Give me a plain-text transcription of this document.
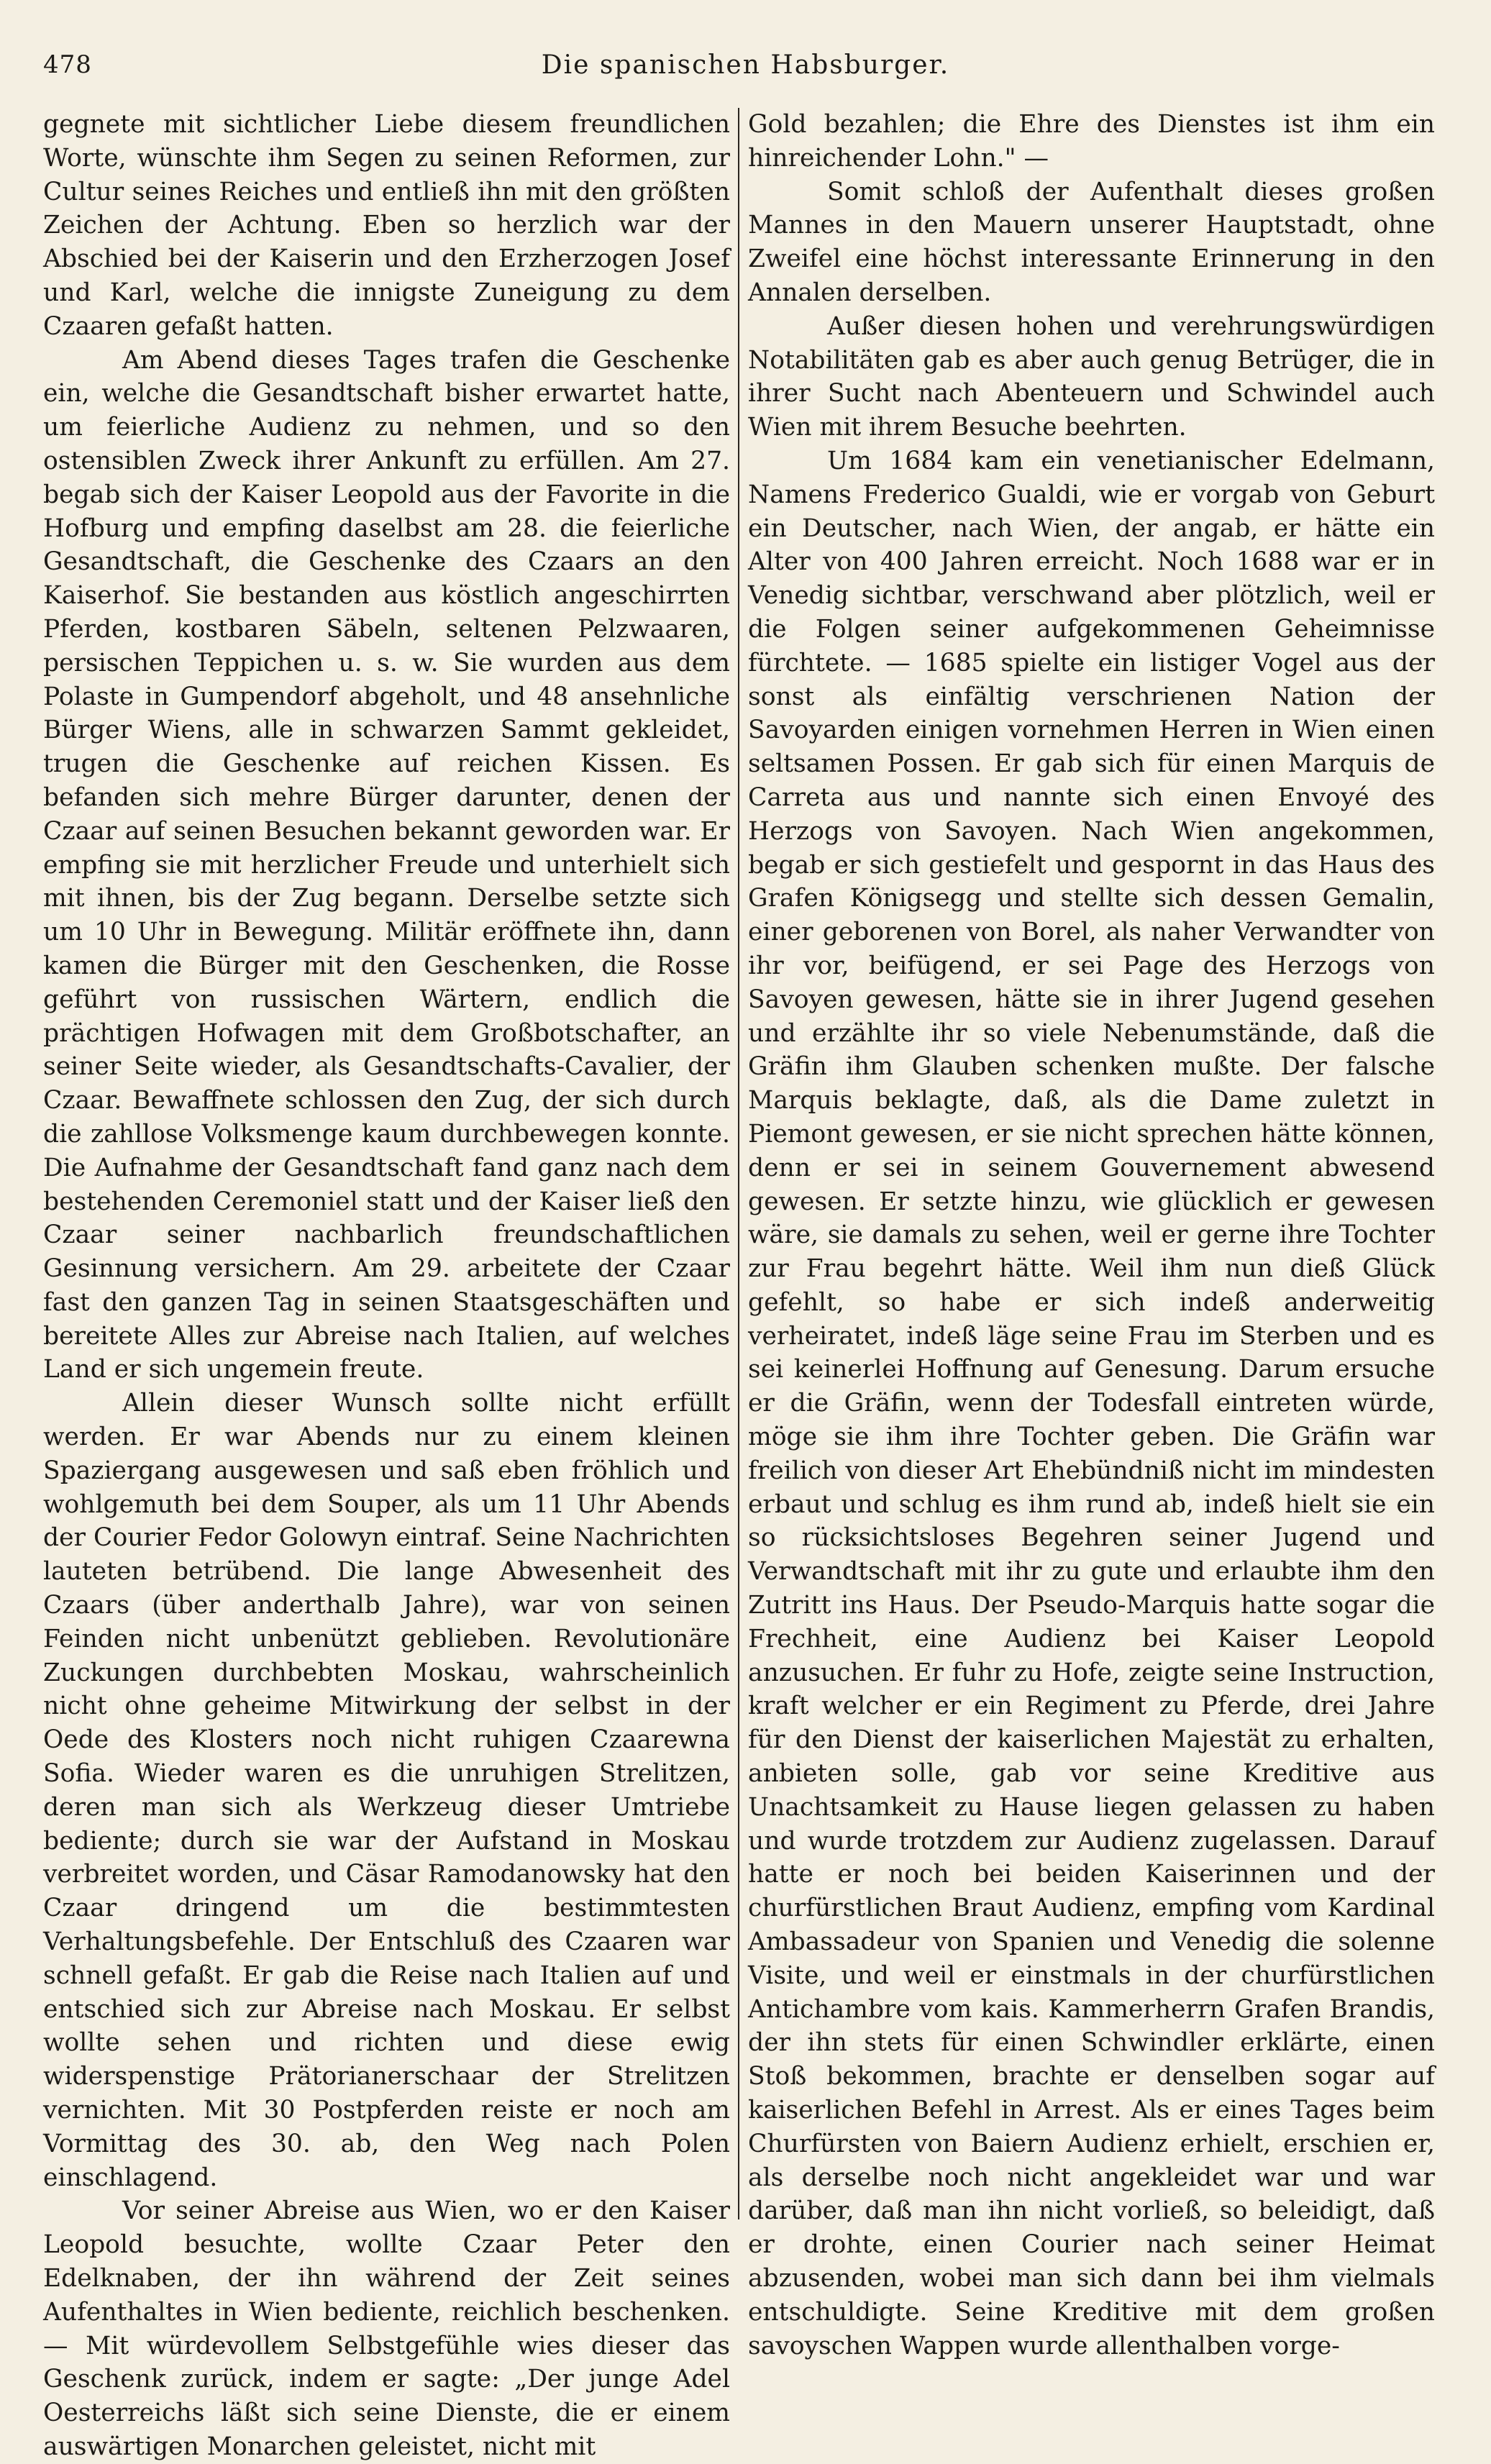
478	Die spanischen Habsburger.

gegnete mit sichtlicher Liebe diesem freundlichen Worte, wünschte ihm Segen zu seinen Reformen, zur Cultur seines Reiches und entließ ihn mit den größten Zeichen der Achtung. Eben so herzlich war der Abschied bei der Kaiserin und den Erzherzogen Josef und Karl, welche die innigste Zuneigung zu dem Czaaren gefaßt hatten.

Am Abend dieses Tages trafen die Geschenke ein, welche die Gesandtschaft bisher erwartet hatte, um feierliche Audienz zu nehmen, und so den ostensiblen Zweck ihrer Ankunft zu erfüllen. Am 27. begab sich der Kaiser Leopold aus der Favorite in die Hofburg und empfing daselbst am 28. die feierliche Gesandtschaft, die Geschenke des Czaars an den Kaiserhof. Sie bestanden aus köstlich angeschirrten Pferden, kostbaren Säbeln, seltenen Pelzwaaren, persischen Teppichen u. s. w. Sie wurden aus dem Polaste in Gumpendorf abgeholt, und 48 ansehnliche Bürger Wiens, alle in schwarzen Sammt gekleidet, trugen die Geschenke auf reichen Kissen. Es befanden sich mehre Bürger darunter, denen der Czaar auf seinen Besuchen bekannt geworden war. Er empfing sie mit herzlicher Freude und unterhielt sich mit ihnen, bis der Zug begann. Derselbe setzte sich um 10 Uhr in Bewegung. Militär eröffnete ihn, dann kamen die Bürger mit den Geschenken, die Rosse geführt von russischen Wärtern, endlich die prächtigen Hofwagen mit dem Großbotschafter, an seiner Seite wieder, als Gesandtschafts-Cavalier, der Czaar. Bewaffnete schlossen den Zug, der sich durch die zahllose Volksmenge kaum durchbewegen konnte. Die Aufnahme der Gesandtschaft fand ganz nach dem bestehenden Ceremoniel statt und der Kaiser ließ den Czaar seiner nachbarlich freundschaftlichen Gesinnung versichern. Am 29. arbeitete der Czaar fast den ganzen Tag in seinen Staatsgeschäften und bereitete Alles zur Abreise nach Italien, auf welches Land er sich ungemein freute.

Allein dieser Wunsch sollte nicht erfüllt werden. Er war Abends nur zu einem kleinen Spaziergang ausgewesen und saß eben fröhlich und wohlgemuth bei dem Souper, als um 11 Uhr Abends der Courier Fedor Golowyn eintraf. Seine Nachrichten lauteten betrübend. Die lange Abwesenheit des Czaars (über anderthalb Jahre), war von seinen Feinden nicht unbenützt geblieben. Revolutionäre Zuckungen durchbebten Moskau, wahrscheinlich nicht ohne geheime Mitwirkung der selbst in der Oede des Klosters noch nicht ruhigen Czaarewna Sofia. Wieder waren es die unruhigen Strelitzen, deren man sich als Werkzeug dieser Umtriebe bediente; durch sie war der Aufstand in Moskau verbreitet worden, und Cäsar Ramodanowsky hat den Czaar dringend um die bestimmtesten Verhaltungsbefehle. Der Entschluß des Czaaren war schnell gefaßt. Er gab die Reise nach Italien auf und entschied sich zur Abreise nach Moskau. Er selbst wollte sehen und richten und diese ewig widerspenstige Prätorianerschaar der Strelitzen vernichten. Mit 30 Postpferden reiste er noch am Vormittag des 30. ab, den Weg nach Polen einschlagend.

Vor seiner Abreise aus Wien, wo er den Kaiser Leopold besuchte, wollte Czaar Peter den Edelknaben, der ihn während der Zeit seines Aufenthaltes in Wien bediente, reichlich beschenken. — Mit würdevollem Selbstgefühle wies dieser das Geschenk zurück, indem er sagte: „Der junge Adel Oesterreichs läßt sich seine Dienste, die er einem auswärtigen Monarchen geleistet, nicht mit

Gold bezahlen; die Ehre des Dienstes ist ihm ein hinreichender Lohn." —

Somit schloß der Aufenthalt dieses großen Mannes in den Mauern unserer Hauptstadt, ohne Zweifel eine höchst interessante Erinnerung in den Annalen derselben.

Außer diesen hohen und verehrungswürdigen Notabilitäten gab es aber auch genug Betrüger, die in ihrer Sucht nach Abenteuern und Schwindel auch Wien mit ihrem Besuche beehrten.

Um 1684 kam ein venetianischer Edelmann, Namens Frederico Gualdi, wie er vorgab von Geburt ein Deutscher, nach Wien, der angab, er hätte ein Alter von 400 Jahren erreicht. Noch 1688 war er in Venedig sichtbar, verschwand aber plötzlich, weil er die Folgen seiner aufgekommenen Geheimnisse fürchtete. — 1685 spielte ein listiger Vogel aus der sonst als einfältig verschrienen Nation der Savoyarden einigen vornehmen Herren in Wien einen seltsamen Possen. Er gab sich für einen Marquis de Carreta aus und nannte sich einen Envoyé des Herzogs von Savoyen. Nach Wien angekommen, begab er sich gestiefelt und gespornt in das Haus des Grafen Königsegg und stellte sich dessen Gemalin, einer geborenen von Borel, als naher Verwandter von ihr vor, beifügend, er sei Page des Herzogs von Savoyen gewesen, hätte sie in ihrer Jugend gesehen und erzählte ihr so viele Nebenumstände, daß die Gräfin ihm Glauben schenken mußte. Der falsche Marquis beklagte, daß, als die Dame zuletzt in Piemont gewesen, er sie nicht sprechen hätte können, denn er sei in seinem Gouvernement abwesend gewesen. Er setzte hinzu, wie glücklich er gewesen wäre, sie damals zu sehen, weil er gerne ihre Tochter zur Frau begehrt hätte. Weil ihm nun dieß Glück gefehlt, so habe er sich indeß anderweitig verheiratet, indeß läge seine Frau im Sterben und es sei keinerlei Hoffnung auf Genesung. Darum ersuche er die Gräfin, wenn der Todesfall eintreten würde, möge sie ihm ihre Tochter geben. Die Gräfin war freilich von dieser Art Ehebündniß nicht im mindesten erbaut und schlug es ihm rund ab, indeß hielt sie ein so rücksichtsloses Begehren seiner Jugend und Verwandtschaft mit ihr zu gute und erlaubte ihm den Zutritt ins Haus. Der Pseudo-Marquis hatte sogar die Frechheit, eine Audienz bei Kaiser Leopold anzusuchen. Er fuhr zu Hofe, zeigte seine Instruction, kraft welcher er ein Regiment zu Pferde, drei Jahre für den Dienst der kaiserlichen Majestät zu erhalten, anbieten solle, gab vor seine Kreditive aus Unachtsamkeit zu Hause liegen gelassen zu haben und wurde trotzdem zur Audienz zugelassen. Darauf hatte er noch bei beiden Kaiserinnen und der churfürstlichen Braut Audienz, empfing vom Kardinal Ambassadeur von Spanien und Venedig die solenne Visite, und weil er einstmals in der churfürstlichen Antichambre vom kais. Kammerherrn Grafen Brandis, der ihn stets für einen Schwindler erklärte, einen Stoß bekommen, brachte er denselben sogar auf kaiserlichen Befehl in Arrest. Als er eines Tages beim Churfürsten von Baiern Audienz erhielt, erschien er, als derselbe noch nicht angekleidet war und war darüber, daß man ihn nicht vorließ, so beleidigt, daß er drohte, einen Courier nach seiner Heimat abzusenden, wobei man sich dann bei ihm vielmals entschuldigte. Seine Kreditive mit dem großen savoyschen Wappen wurde allenthalben vorge-
